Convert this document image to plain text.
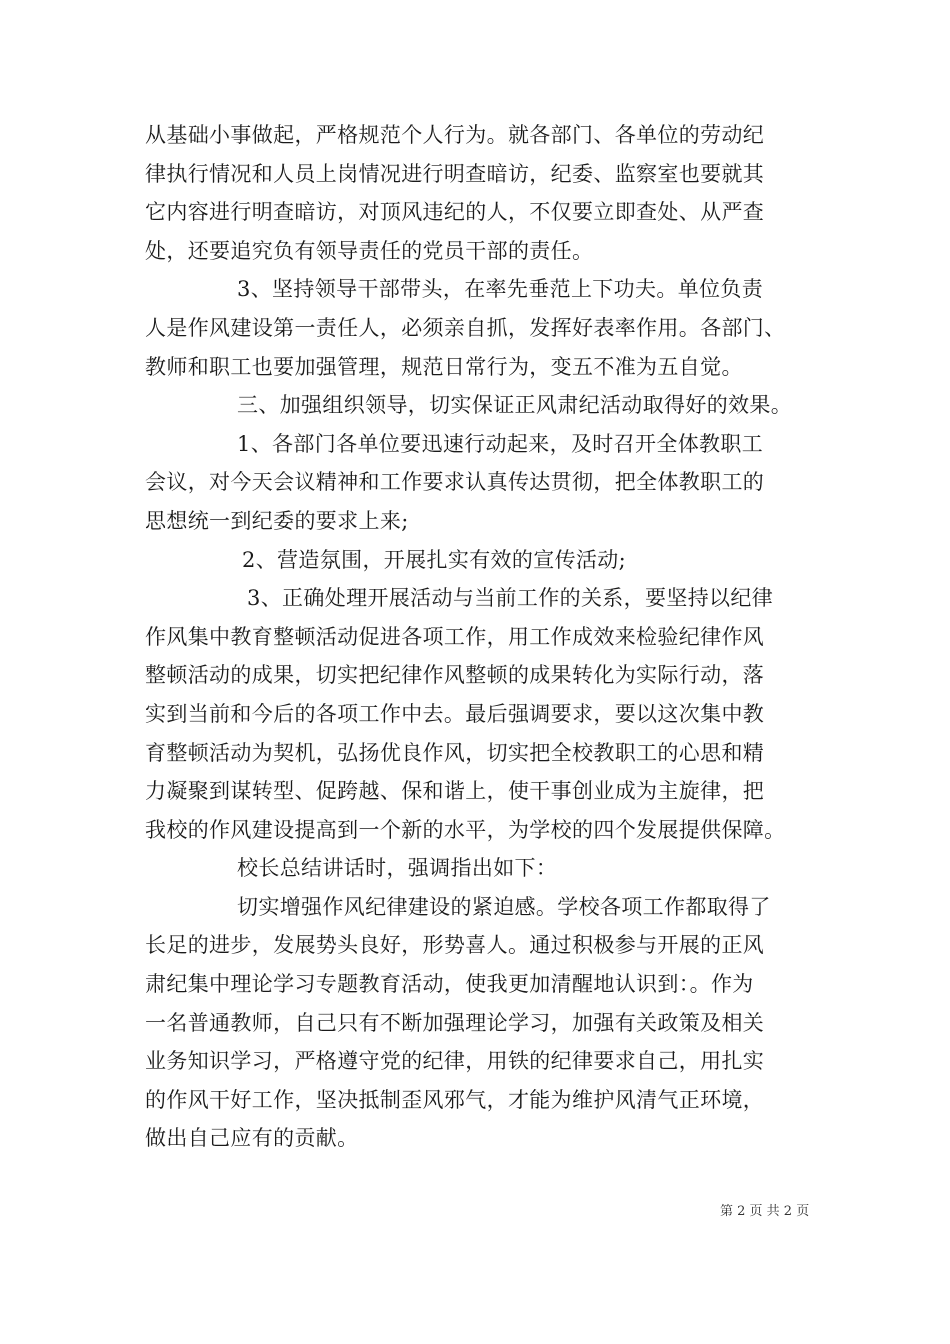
从基础小事做起，严格规范个人行为。就各部门、各单位的劳动纪
律执行情况和人员上岗情况进行明查暗访，纪委、监察室也要就其
它内容进行明查暗访，对顶风违纪的人，不仅要立即查处、从严查
处，还要追究负有领导责任的党员干部的责任。
3、坚持领导干部带头，在率先垂范上下功夫。单位负责
人是作风建设第一责任人，必须亲自抓，发挥好表率作用。各部门、
教师和职工也要加强管理，规范日常行为，变五不准为五自觉。
三、加强组织领导，切实保证正风肃纪活动取得好的效果。
1、各部门各单位要迅速行动起来，及时召开全体教职工
会议，对今天会议精神和工作要求认真传达贯彻，把全体教职工的
思想统一到纪委的要求上来;
2、营造氛围，开展扎实有效的宣传活动;
3、正确处理开展活动与当前工作的关系，要坚持以纪律
作风集中教育整顿活动促进各项工作，用工作成效来检验纪律作风
整顿活动的成果，切实把纪律作风整顿的成果转化为实际行动，落
实到当前和今后的各项工作中去。最后强调要求，要以这次集中教
育整顿活动为契机，弘扬优良作风，切实把全校教职工的心思和精
力凝聚到谋转型、促跨越、保和谐上，使干事创业成为主旋律，把
我校的作风建设提高到一个新的水平，为学校的四个发展提供保障。
校长总结讲话时，强调指出如下：
切实增强作风纪律建设的紧迫感。学校各项工作都取得了
长足的进步，发展势头良好，形势喜人。通过积极参与开展的正风
肃纪集中理论学习专题教育活动，使我更加清醒地认识到：。作为
一名普通教师，自己只有不断加强理论学习，加强有关政策及相关
业务知识学习，严格遵守党的纪律，用铁的纪律要求自己，用扎实
的作风干好工作，坚决抵制歪风邪气，才能为维护风清气正环境，
做出自己应有的贡献。
第 2 页 共 2 页
